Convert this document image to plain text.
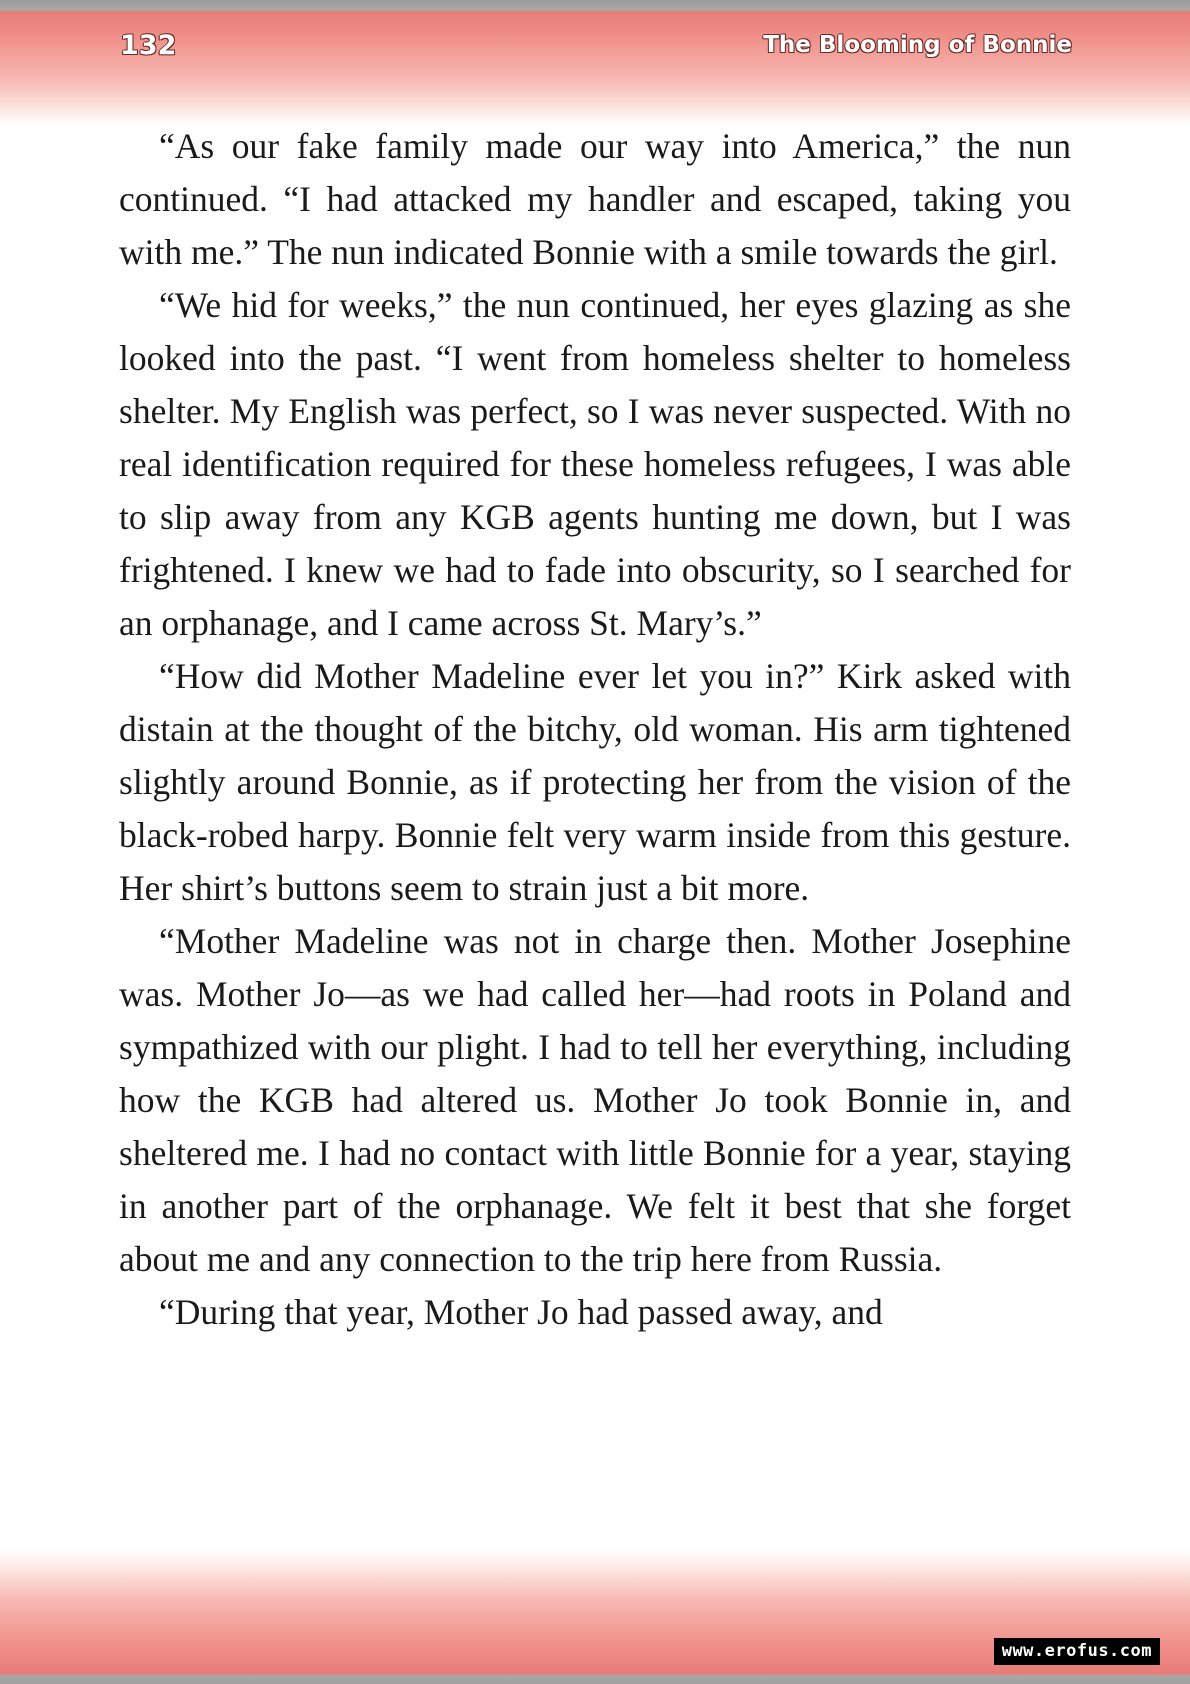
132	The Blooming of Bonnie

“As our fake family made our way into America,” the nun continued. “I had attacked my handler and escaped, taking you with me.” The nun indicated Bonnie with a smile towards the girl.

“We hid for weeks,” the nun continued, her eyes glazing as she looked into the past. “I went from homeless shelter to homeless shelter. My English was perfect, so I was never suspected. With no real identification required for these homeless refugees, I was able to slip away from any KGB agents hunting me down, but I was frightened. I knew we had to fade into obscurity, so I searched for an orphanage, and I came across St. Mary’s.”

“How did Mother Madeline ever let you in?” Kirk asked with distain at the thought of the bitchy, old woman. His arm tightened slightly around Bonnie, as if protecting her from the vision of the black-robed harpy. Bonnie felt very warm inside from this gesture. Her shirt’s buttons seem to strain just a bit more.

“Mother Madeline was not in charge then. Mother Josephine was. Mother Jo—as we had called her—had roots in Poland and sympathized with our plight. I had to tell her everything, including how the KGB had altered us. Mother Jo took Bonnie in, and sheltered me. I had no contact with little Bonnie for a year, staying in another part of the orphanage. We felt it best that she forget about me and any connection to the trip here from Russia.

“During that year, Mother Jo had passed away, and

www.erofus.com
